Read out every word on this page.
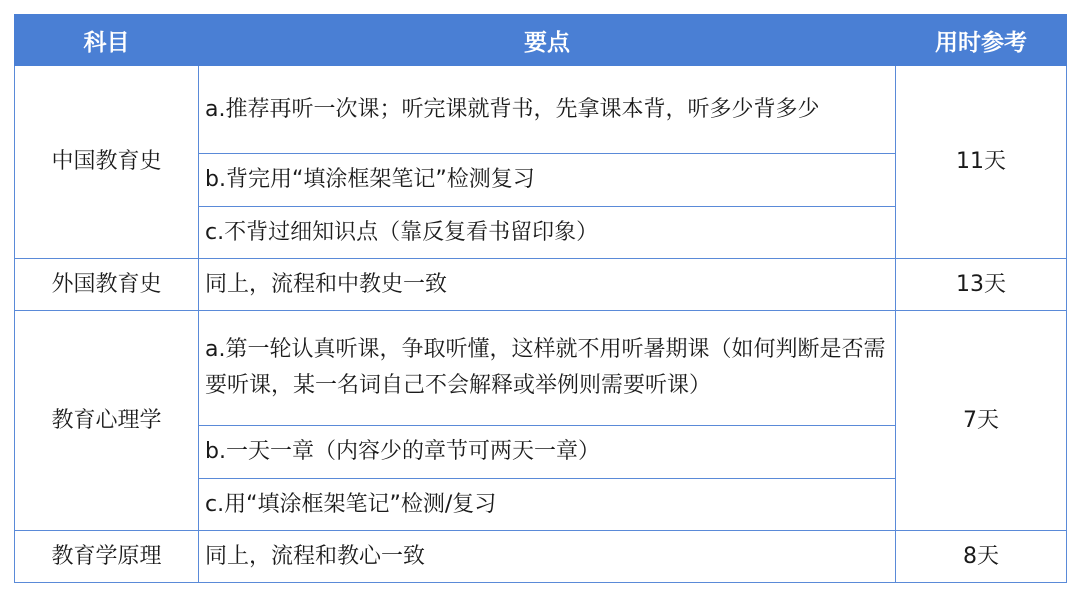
科目	要点	用时参考
中国教育史	a.推荐再听一次课；听完课就背书，先拿课本背，听多少背多少	11天
	b.背完用“填涂框架笔记”检测复习	
	c.不背过细知识点（靠反复看书留印象）	
外国教育史	同上，流程和中教史一致	13天
教育心理学	a.第一轮认真听课，争取听懂，这样就不用听暑期课（如何判断是否需要听课，某一名词自己不会解释或举例则需要听课）	7天
	b.一天一章（内容少的章节可两天一章）	
	c.用“填涂框架笔记”检测/复习	
教育学原理	同上，流程和教心一致	8天
